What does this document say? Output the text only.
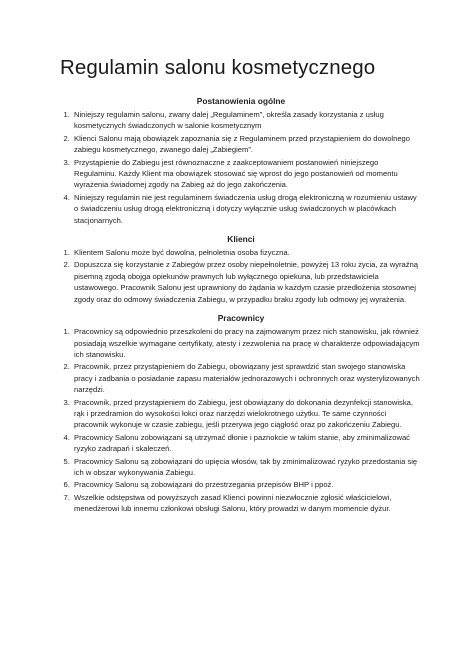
Regulamin salonu kosmetycznego
Postanowienia ogólne
1. Niniejszy regulamin salonu, zwany dalej „Regulaminem”, określa zasady korzystania z usług kosmetycznych świadczonych w salonie kosmetycznym
2. Klienci Salonu mają obowiązek zapoznania się z Regulaminem przed przystąpieniem do dowolnego zabiegu kosmetycznego, zwanego dalej „Zabiegiem”.
3. Przystąpienie do Zabiegu jest równoznaczne z zaakceptowaniem postanowień niniejszego Regulaminu. Każdy Klient ma obowiązek stosować się wprost do jego postanowień od momentu wyrażenia świadomej zgody na Zabieg aż do jego zakończenia.
4. Niniejszy regulamin nie jest regulaminem świadczenia usług drogą elektroniczną w rozumieniu ustawy o świadczeniu usług drogą elektroniczną i dotyczy wyłącznie usług świadczonych w placówkach stacjonarnych.
Klienci
1. Klientem Salonu może być dowolna, pełnoletnia osoba fizyczna.
2. Dopuszcza się korzystanie z Zabiegów przez osoby niepełnoletnie, powyżej 13 roku życia, za wyraźną pisemną zgodą obojga opiekunów prawnych lub wyłącznego opiekuna, lub przedstawiciela ustawowego. Pracownik Salonu jest uprawniony do żądania w każdym czasie przedłożenia stosownej zgody oraz do odmowy świadczenia Zabiegu, w przypadku braku zgody lub odmowy jej wyrażenia.
Pracownicy
1. Pracownicy są odpowiednio przeszkoleni do pracy na zajmowanym przez nich stanowisku, jak również posiadają wszelkie wymagane certyfikaty, atesty i zezwolenia na pracę w charakterze odpowiadającym ich stanowisku.
2. Pracownik, przez przystąpieniem do Zabiegu, obowiązany jest sprawdzić stan swojego stanowiska pracy i zadbania o posiadanie zapasu materiałów jednorazowych i ochronnych oraz wysterylizowanych narzędzi.
3. Pracownik, przed przystąpieniem do Zabiegu, jest obowiązany do dokonania dezynfekcji stanowiska, rąk i przedramion do wysokości łokci oraz narzędzi wielokrotnego użytku. Te same czynności pracownik wykonuje w czasie zabiegu, jeśli przerywa jego ciągłość oraz po zakończeniu Zabiegu.
4. Pracownicy Salonu zobowiązani są utrzymać dłonie i paznokcie w takim stanie, aby zminimalizować ryzyko zadrapań i skaleczeń.
5. Pracownicy Salonu są zobowiązani do upięcia włosów, tak by zminimalizować ryzyko przedostania się ich w obszar wykonywania Zabiegu.
6. Pracownicy Salonu są zobowiązani do przestrzegania przepisów BHP i ppoż.
7. Wszelkie odstępstwa od powyższych zasad Klienci powinni niezwłocznie zgłosić właścicielowi, menedżerowi lub innemu członkowi obsługi Salonu, który prowadzi w danym momencie dyżur.
